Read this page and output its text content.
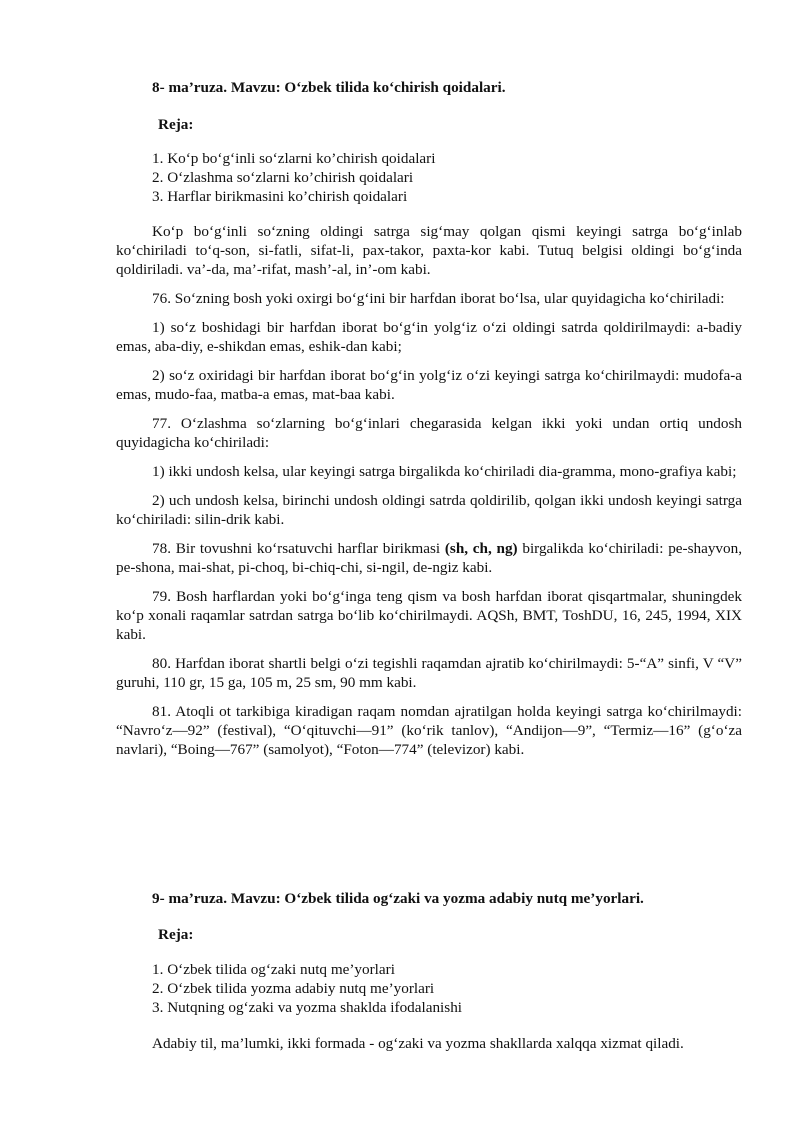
8- ma’ruza. Mavzu: O‘zbek tilida ko‘chirish qoidalari.
Reja:
1. Ko‘p bo‘g‘inli so‘zlarni ko’chirish qoidalari
2. O‘zlashma so‘zlarni ko’chirish qoidalari
3. Harflar birikmasini ko’chirish qoidalari

Ko‘p bo‘g‘inli so‘zning oldingi satrga sig‘may qolgan qismi keyingi satrga bo‘g‘inlab ko‘chiriladi to‘q-son, si-fatli, sifat-li, pax-takor, paxta-kor kabi. Tutuq belgisi oldingi bo‘g‘inda qoldiriladi. va’-da, ma’-rifat, mash’-al, in’-om kabi.

76. So‘zning bosh yoki oxirgi bo‘g‘ini bir harfdan iborat bo‘lsa, ular quyidagicha ko‘chiriladi:

1) so‘z boshidagi bir harfdan iborat bo‘g‘in yolg‘iz o‘zi oldingi satrda qoldirilmaydi: a-badiy emas, aba-diy, e-shikdan emas, eshik-dan kabi;

2) so‘z oxiridagi bir harfdan iborat bo‘g‘in yolg‘iz o‘zi keyingi satrga ko‘chirilmaydi: mudofa-a emas, mudo-faa, matba-a emas, mat-baa kabi.

77. O‘zlashma so‘zlarning bo‘g‘inlari chegarasida kelgan ikki yoki undan ortiq undosh quyidagicha ko‘chiriladi:

1) ikki undosh kelsa, ular keyingi satrga birgalikda ko‘chiriladi dia-gramma, mono-grafiya kabi;

2) uch undosh kelsa, birinchi undosh oldingi satrda qoldirilib, qolgan ikki undosh keyingi satrga ko‘chiriladi: silin-drik kabi.

78. Bir tovushni ko‘rsatuvchi harflar birikmasi (sh, ch, ng) birgalikda ko‘chiriladi: pe-shayvon, pe-shona, mai-shat, pi-choq, bi-chiq-chi, si-ngil, de-ngiz kabi.

79. Bosh harflardan yoki bo‘g‘inga teng qism va bosh harfdan iborat qisqartmalar, shuningdek ko‘p xonali raqamlar satrdan satrga bo‘lib ko‘chirilmaydi. AQSh, BMT, ToshDU, 16, 245, 1994, XIX kabi.

80. Harfdan iborat shartli belgi o‘zi tegishli raqamdan ajratib ko‘chirilmaydi: 5-“A” sinfi, V “V” guruhi, 110 gr, 15 ga, 105 m, 25 sm, 90 mm kabi.

81. Atoqli ot tarkibiga kiradigan raqam nomdan ajratilgan holda keyingi satrga ko‘chirilmaydi: “Navro‘z—92” (festival), “O‘qituvchi—91” (ko‘rik tanlov), “Andijon—9”, “Termiz—16” (g‘o‘za navlari), “Boing—767” (samolyot), “Foton—774” (televizor) kabi.

9- ma’ruza. Mavzu: O‘zbek tilida og‘zaki va yozma adabiy nutq me’yorlari.
Reja:
1. O‘zbek tilida og‘zaki nutq me’yorlari
2. O‘zbek tilida yozma adabiy nutq me’yorlari
3. Nutqning og‘zaki va yozma shaklda ifodalanishi

Adabiy til, ma’lumki, ikki formada - og‘zaki va yozma shakllarda xalqqa xizmat qiladi.
